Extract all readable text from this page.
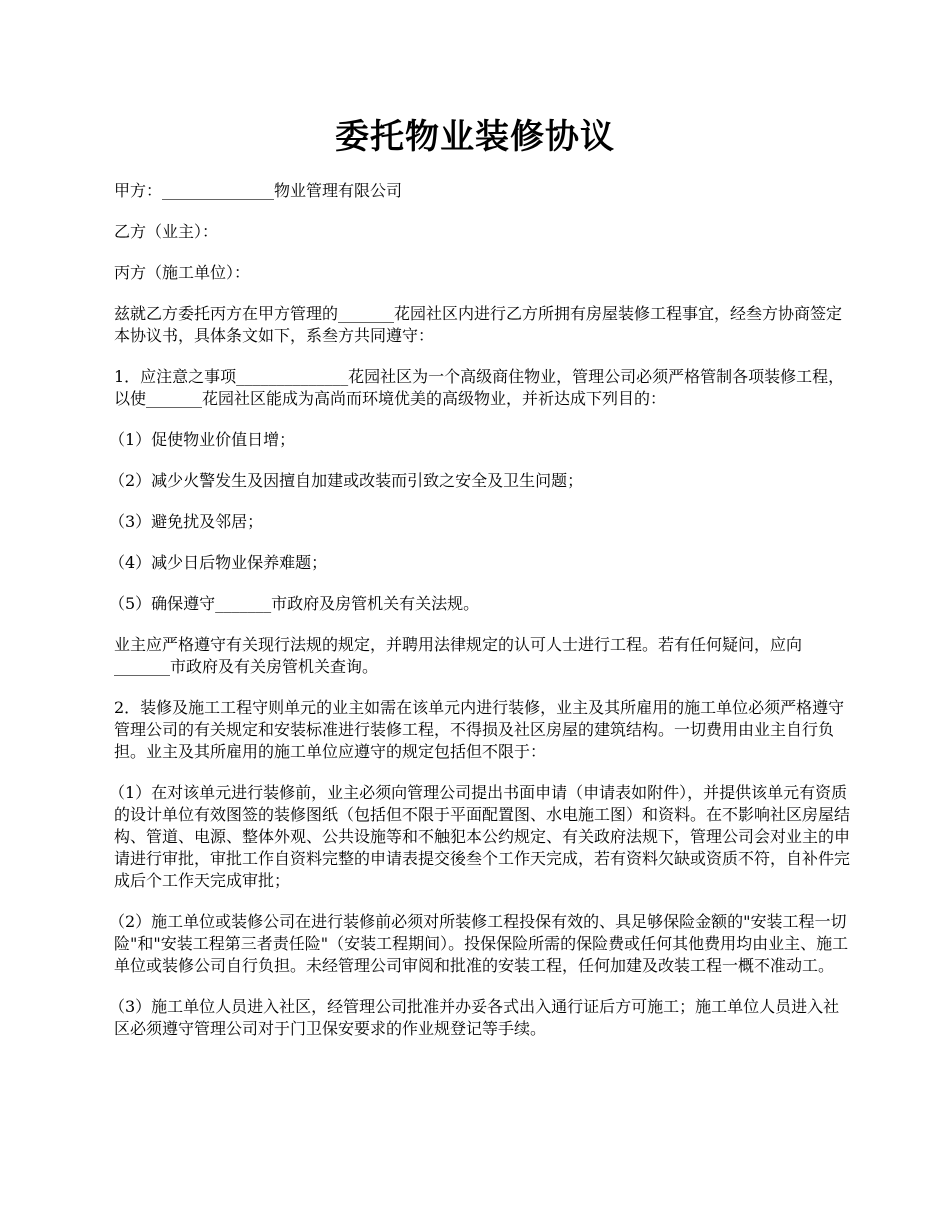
委托物业装修协议

甲方：______________物业管理有限公司

乙方（业主）：

丙方（施工单位）：

兹就乙方委托丙方在甲方管理的_______花园社区内进行乙方所拥有房屋装修工程事宜，经叁方协商签定本协议书，具体条文如下，系叁方共同遵守：

1．应注意之事项______________花园社区为一个高级商住物业，管理公司必须严格管制各项装修工程，以使_______花园社区能成为高尚而环境优美的高级物业，并祈达成下列目的：

（1）促使物业价值日增；

（2）减少火警发生及因擅自加建或改装而引致之安全及卫生问题；

（3）避免扰及邻居；

（4）减少日后物业保养难题；

（5）确保遵守_______市政府及房管机关有关法规。

业主应严格遵守有关现行法规的规定，并聘用法律规定的认可人士进行工程。若有任何疑问，应向_______市政府及有关房管机关查询。

2．装修及施工工程守则单元的业主如需在该单元内进行装修，业主及其所雇用的施工单位必须严格遵守管理公司的有关规定和安装标准进行装修工程，不得损及社区房屋的建筑结构。一切费用由业主自行负担。业主及其所雇用的施工单位应遵守的规定包括但不限于：

（1）在对该单元进行装修前，业主必须向管理公司提出书面申请（申请表如附件），并提供该单元有资质的设计单位有效图签的装修图纸（包括但不限于平面配置图、水电施工图）和资料。在不影响社区房屋结构、管道、电源、整体外观、公共设施等和不触犯本公约规定、有关政府法规下，管理公司会对业主的申请进行审批，审批工作自资料完整的申请表提交後叁个工作天完成，若有资料欠缺或资质不符，自补件完成后个工作天完成审批；

（2）施工单位或装修公司在进行装修前必须对所装修工程投保有效的、具足够保险金额的"安装工程一切险"和"安装工程第三者责任险"（安装工程期间）。投保保险所需的保险费或任何其他费用均由业主、施工单位或装修公司自行负担。未经管理公司审阅和批准的安装工程，任何加建及改装工程一概不准动工。

（3）施工单位人员进入社区，经管理公司批准并办妥各式出入通行证后方可施工；施工单位人员进入社区必须遵守管理公司对于门卫保安要求的作业规登记等手续。
